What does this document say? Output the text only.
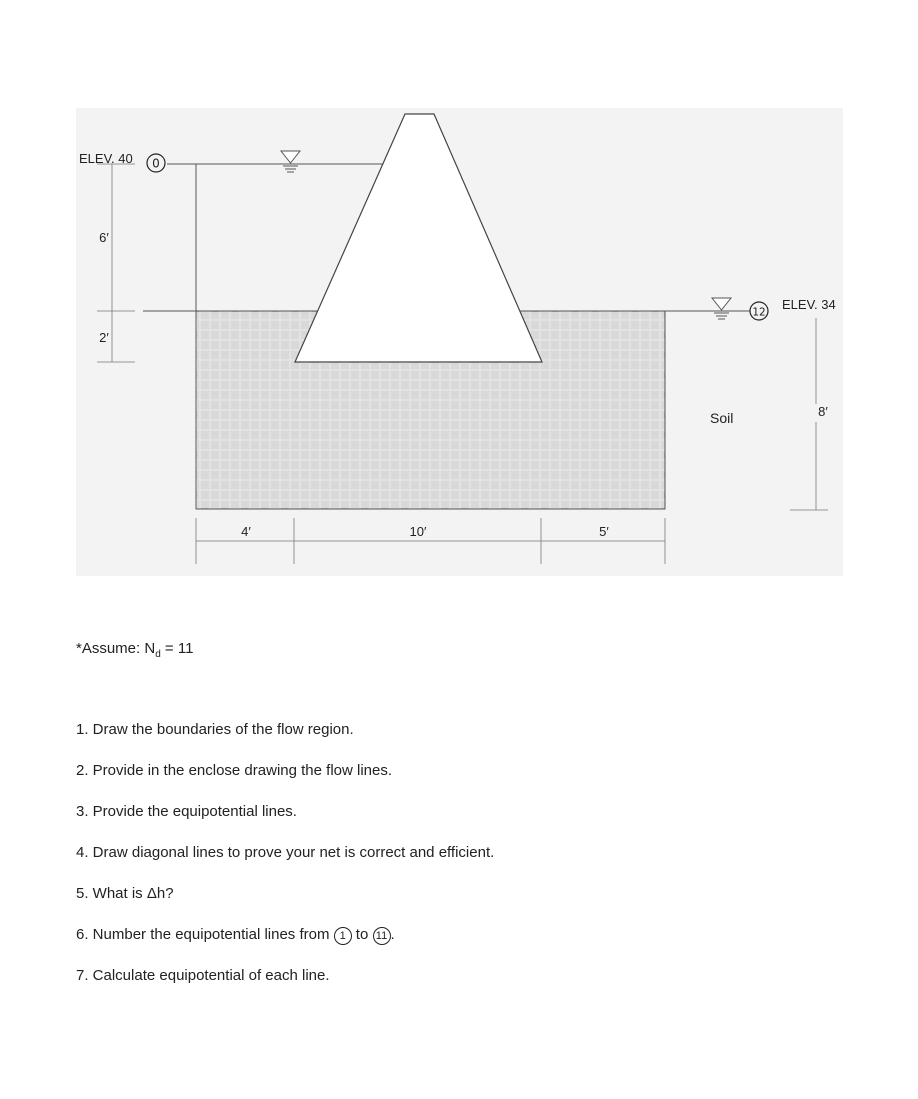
ELEV. 40 0
6′
2′
12
ELEV. 34
8′
Soil
4′	10′	5′
*Assume: $N_d = 11$
1. Draw the boundaries of the flow region.
2. Provide in the enclose drawing the flow lines.
3. Provide the equipotential lines.
4. Draw diagonal lines to prove your net is correct and efficient.
5. What is Δh?
6. Number the equipotential lines from 1 to 11 .
7. Calculate equipotential of each line.
